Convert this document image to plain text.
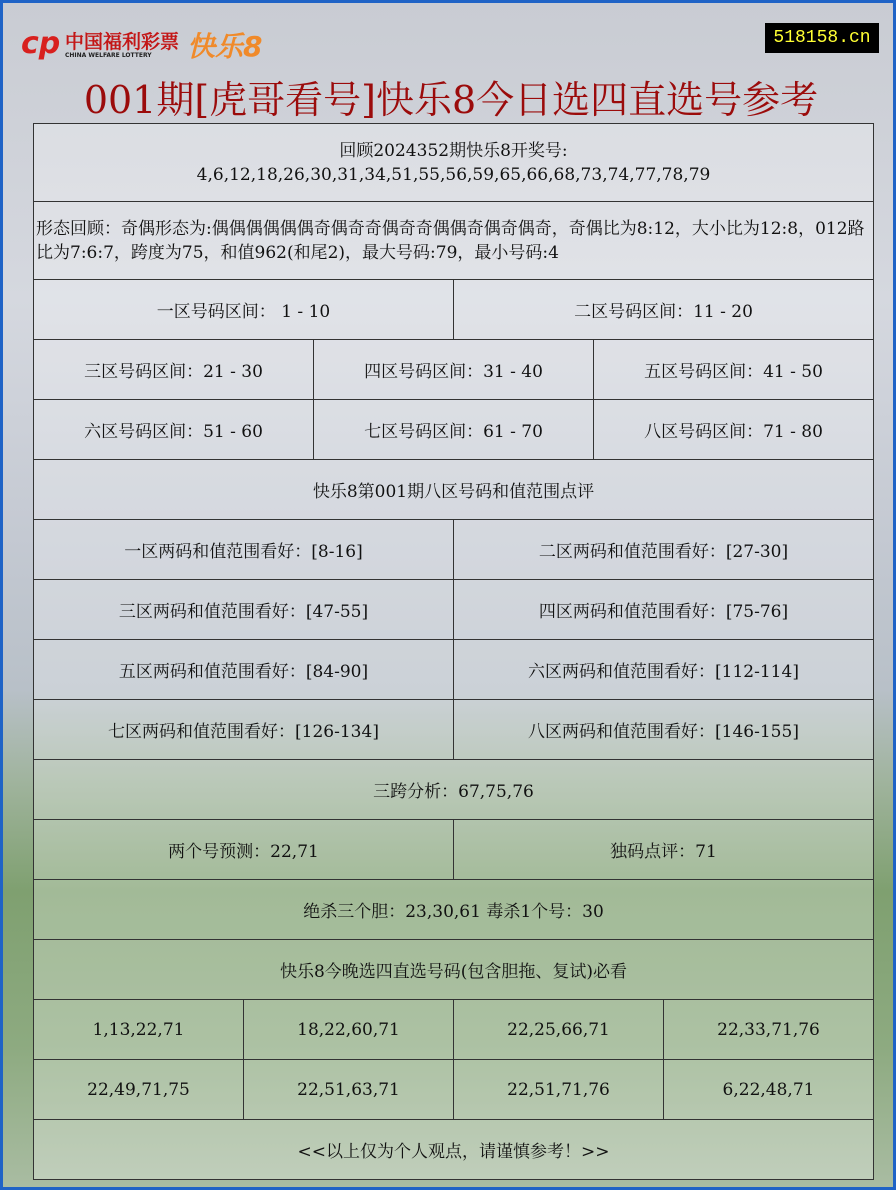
cp 中国福利彩票
CHINA WELFARE LOTTERY	快乐8	518158.cn
001期[虎哥看号]快乐8今日选四直选号参考
回顾2024352期快乐8开奖号:
4,6,12,18,26,30,31,34,51,55,56,59,65,66,68,73,74,77,78,79					

形态回顾：奇偶形态为:偶偶偶偶偶偶奇偶奇奇偶奇奇偶偶奇偶奇偶奇，奇偶比为8:12，大小比为12:8，012路比为7:6:7，跨度为75，和值962(和尾2)，最大号码:79，最小号码:4					
一区号码区间： 1 - 10			二区号码区间：11 - 20		
三区号码区间：21 - 30		四区号码区间：31 - 40		五区号码区间：41 - 50	
六区号码区间：51 - 60		七区号码区间：61 - 70		八区号码区间：71 - 80	
快乐8第001期八区号码和值范围点评					
一区两码和值范围看好：[8-16]			二区两码和值范围看好：[27-30]		
三区两码和值范围看好：[47-55]			四区两码和值范围看好：[75-76]		
五区两码和值范围看好：[84-90]			六区两码和值范围看好：[112-114]		
七区两码和值范围看好：[126-134]			八区两码和值范围看好：[146-155]		
三跨分析：67,75,76					
两个号预测：22,71			独码点评：71		
绝杀三个胆：23,30,61 毒杀1个号：30					
快乐8今晚选四直选号码(包含胆拖、复试)必看					
1,13,22,71	18,22,60,71		22,25,66,71		22,33,71,76
22,49,71,75	22,51,63,71		22,51,71,76		6,22,48,71
<<以上仅为个人观点，请谨慎参考！>>					
